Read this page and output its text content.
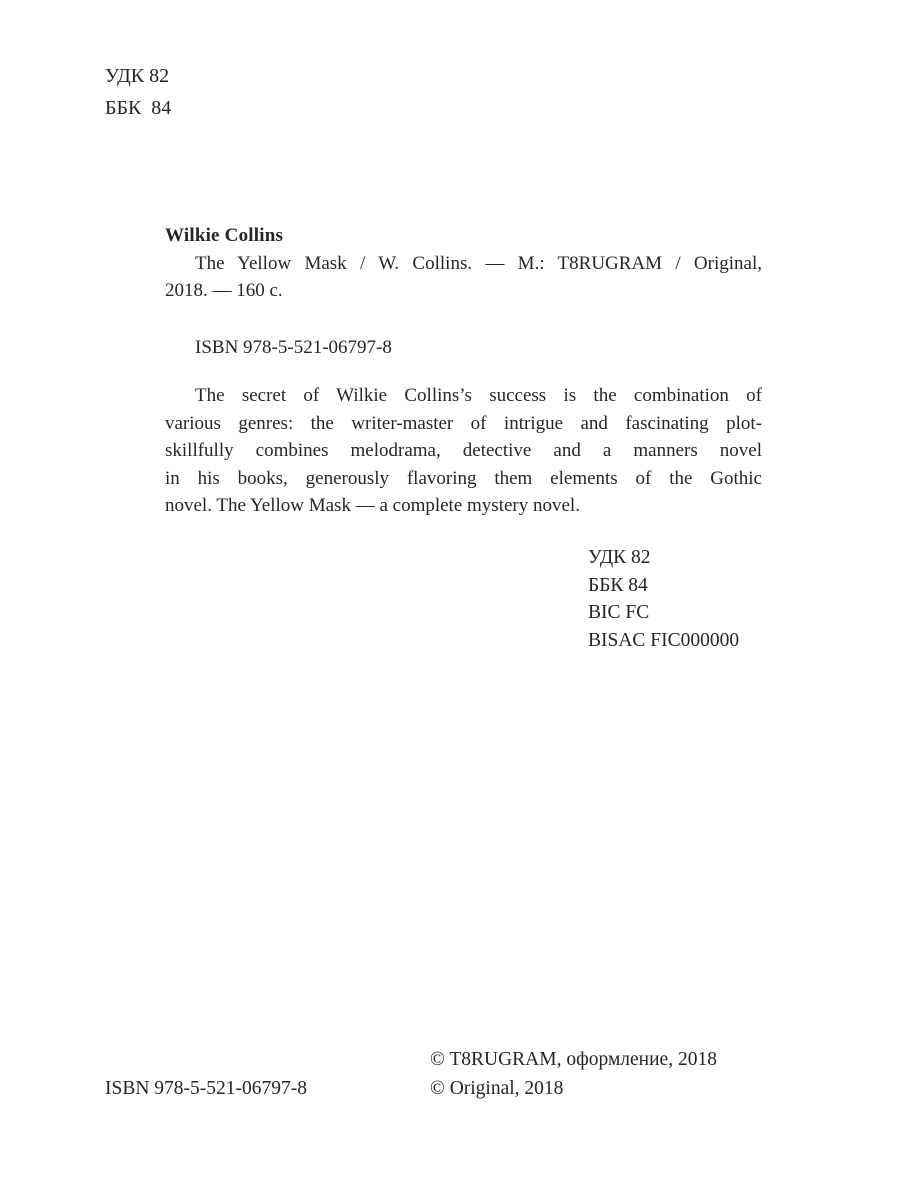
УДК 82
ББК  84
Wilkie Collins
The Yellow Mask / W. Collins. — M.: T8RUGRAM / Original,
2018. — 160 с.
ISBN 978-5-521-06797-8
The secret of Wilkie Collins’s success is the combination of
various genres: the writer-master of intrigue and fascinating plot-
skillfully combines melodrama, detective and a manners novel
in his books, generously flavoring them elements of the Gothic
novel. The Yellow Mask — a complete mystery novel.
УДК 82
ББК 84
BIC FC
BISAC FIC000000
© T8RUGRAM, оформление, 2018
© Original, 2018
ISBN 978-5-521-06797-8
